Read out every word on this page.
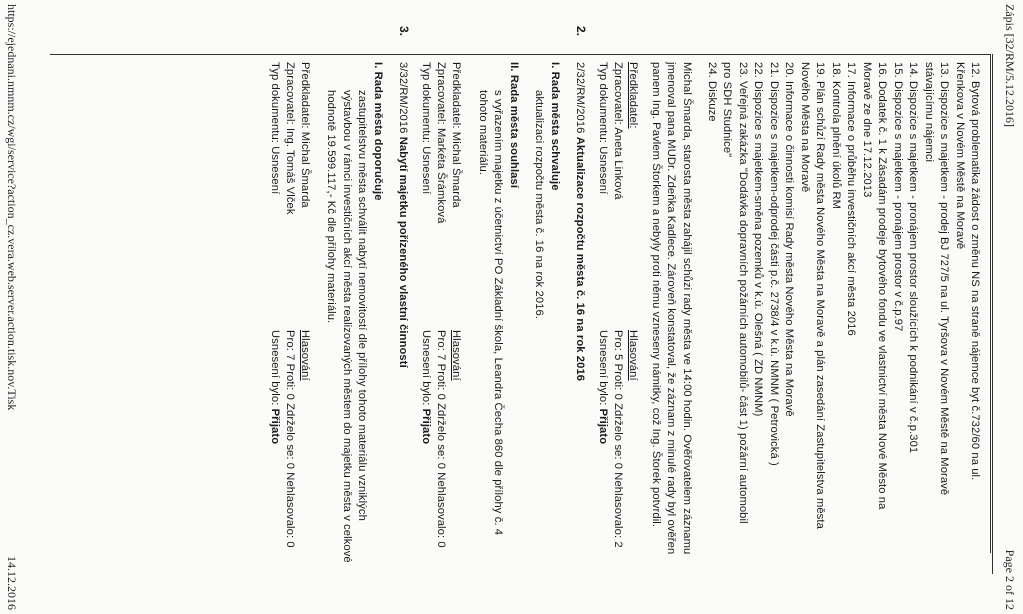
Zápis [32/RM/5.12.2016]
Page 2 of 12
12. Bytová problematika žádost o změnu NS na straně nájemce byt č.732/60 na ul.
Křenkova v Novém Městě na Moravě
13. Dispozice s majetkem - prodej BJ 727/5 na ul. Tyršova v Novém Městě na Moravě
stávajícímu nájemci
14. Dispozice s majetkem - pronájem prostor sloužících k podnikání v č.p.301
15. Dispozice s majetkem - pronájem prostor v č.p.97
16. Dodatek č. 1 k Zásadám prodeje bytového fondu ve vlastnictví města Nové Město na
Moravě ze dne 17.12.2013
17. Informace o průběhu investičních akcí města 2016
18. Kontrola plnění úkolů RM
19. Plán schůzí Rady města Nového Města na Moravě a plán zasedání Zastupitelstva města
Nového Města na Moravě
20. Informace o činnosti komisí Rady města Nového Města na Moravě
21. Dispozice s majetkem-odprodej části p.č. 2738/4 v k.ú. NMNM ( Petrovická )
22. Dispozice s majetkem-směna pozemků v k.ú. Olešná ( ZD NMNM)
23. Veřejná zakázka "Dodávka dopravních požárních automobilů- část 1) požární automobil
pro SDH Studnice"
24. Diskuze
Michal Šmarda, starosta města zahájil schůzi rady města ve 14:00 hodin. Ověřovatelem záznamu
jmenoval pana MUDr. Zdeňka Kadlece. Zároveň konstatoval, že záznam z minulé rady byl ověřen
panem Ing. Pavlem Štorkem a nebyly proti němu vzneseny námitky, což Ing. Štorek potvrdil.
Předkladatel:
Hlasování
Zpracovatel: Aneta Linková
Pro: 5 Proti: 0 Zdrželo se: 0 Nehlasovalo: 2
Typ dokumentu: Usnesení
Usnesení bylo: Přijato
2.
2/32/RM/2016 Aktualizace rozpočtu města č. 16 na rok 2016
I. Rada města schvaluje
aktualizaci rozpočtu města č. 16 na rok 2016.
II. Rada města souhlasí
s vyřazením majetku z účetnictví PO Základní škola, Leandra Čecha 860 dle přílohy č. 4
tohoto materiálu.
Předkladatel: Michal Šmarda
Hlasování
Zpracovatel: Markéta Šrámková
Pro: 7 Proti: 0 Zdrželo se: 0 Nehlasovalo: 0
Typ dokumentu: Usnesení
Usnesení bylo: Přijato
3.
3/32/RM/2016 Nabytí majetku pořízeného vlastní činností
I. Rada města doporučuje
zastupitelstvu města schválit nabytí nemovitostí dle přílohy tohoto materiálu vzniklých
výstavbou v rámci investičních akcí města realizovaných městem do majetku města v celkové
hodnotě 19.599.117,- Kč dle přílohy materiálu.
Předkladatel: Michal Šmarda
Hlasování
Zpracovatel: Ing. Tomáš Vlček
Pro: 7 Proti: 0 Zdrželo se: 0 Nehlasovalo: 0
Typ dokumentu: Usnesení
Usnesení bylo: Přijato
https://ejednani.nmnm.cz/wgi/service?action_cz.vera.web.server.action.tisk.nov.Tisk
14.12.2016
